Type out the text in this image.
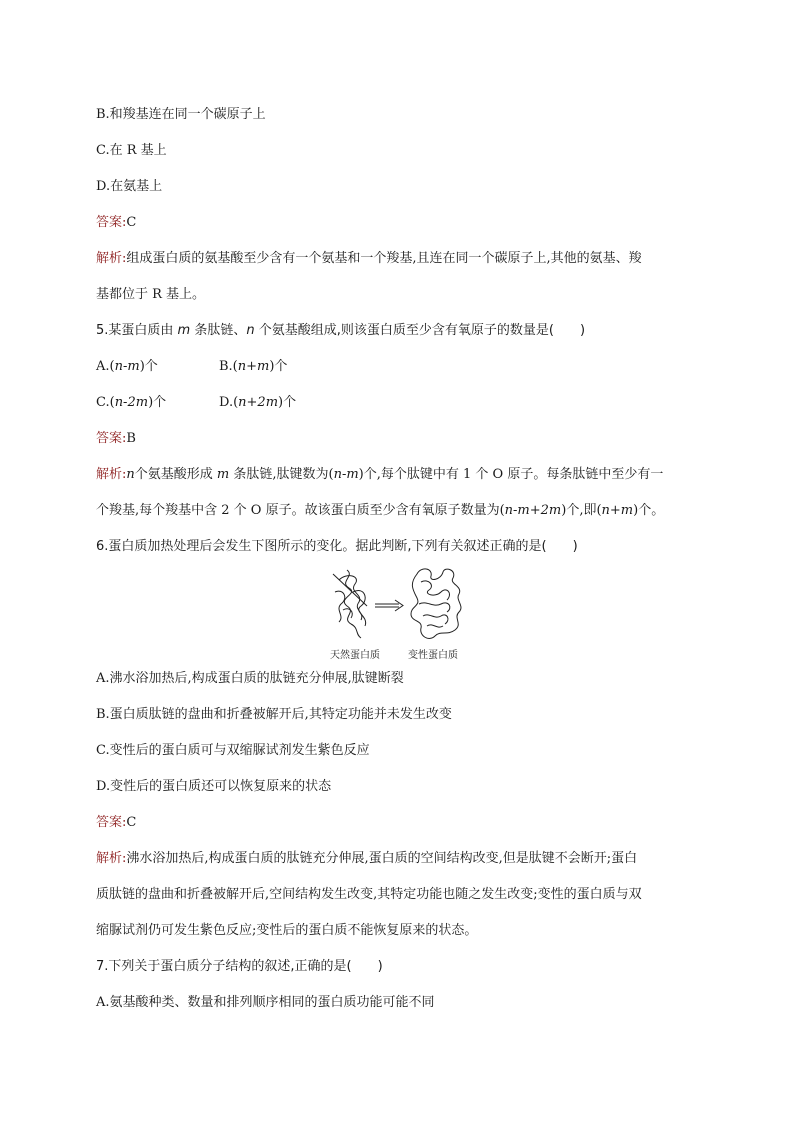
B.和羧基连在同一个碳原子上
C.在 R 基上
D.在氨基上
答案:C
解析:组成蛋白质的氨基酸至少含有一个氨基和一个羧基,且连在同一个碳原子上,其他的氨基、羧
基都位于 R 基上。
5.某蛋白质由 m 条肽链、n 个氨基酸组成,则该蛋白质至少含有氧原子的数量是(　　)
A.(n-m)个	B.(n+m)个
C.(n-2m)个	D.(n+2m)个
答案:B
解析:n个氨基酸形成 m 条肽链,肽键数为(n-m)个,每个肽键中有 1 个 O 原子。每条肽链中至少有一
个羧基,每个羧基中含 2 个 O 原子。故该蛋白质至少含有氧原子数量为(n-m+2m)个,即(n+m)个。
6.蛋白质加热处理后会发生下图所示的变化。据此判断,下列有关叙述正确的是(　　)
天然蛋白质	变性蛋白质
A.沸水浴加热后,构成蛋白质的肽链充分伸展,肽键断裂
B.蛋白质肽链的盘曲和折叠被解开后,其特定功能并未发生改变
C.变性后的蛋白质可与双缩脲试剂发生紫色反应
D.变性后的蛋白质还可以恢复原来的状态
答案:C
解析:沸水浴加热后,构成蛋白质的肽链充分伸展,蛋白质的空间结构改变,但是肽键不会断开;蛋白
质肽链的盘曲和折叠被解开后,空间结构发生改变,其特定功能也随之发生改变;变性的蛋白质与双
缩脲试剂仍可发生紫色反应;变性后的蛋白质不能恢复原来的状态。
7.下列关于蛋白质分子结构的叙述,正确的是(　　)
A.氨基酸种类、数量和排列顺序相同的蛋白质功能可能不同
